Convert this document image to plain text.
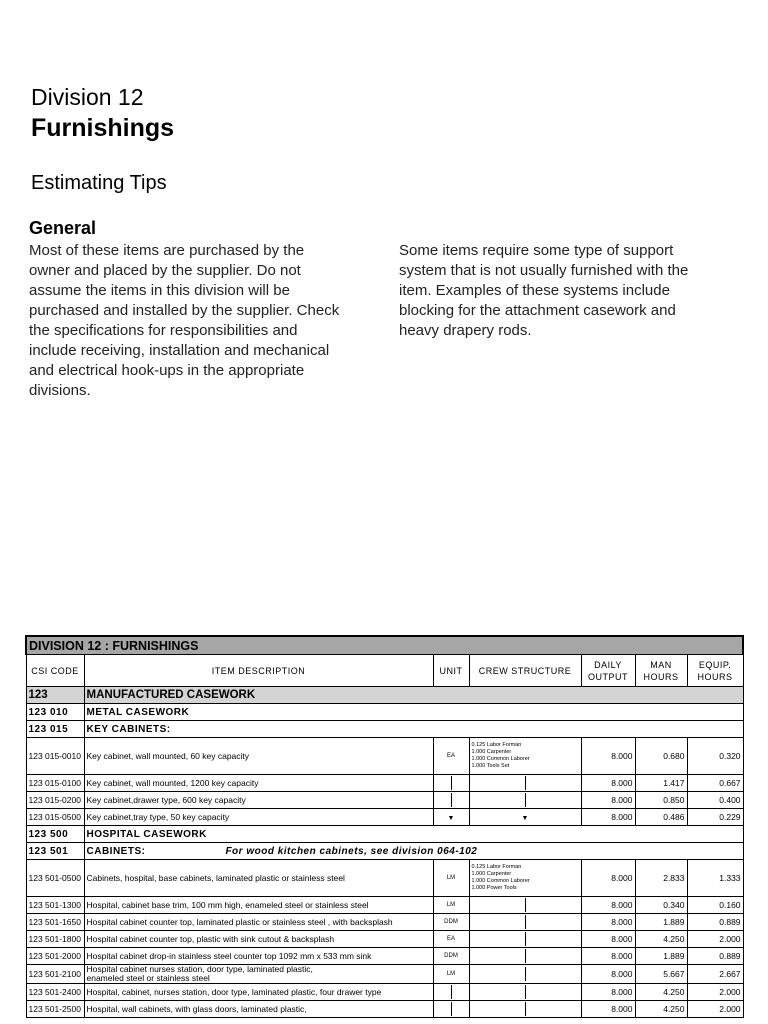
Division 12
Furnishings
Estimating Tips
General
Most of these items are purchased by the owner and placed by the supplier. Do not assume the items in this division will be purchased and installed by the supplier. Check the specifications for responsibilities and include receiving, installation and mechanical and electrical hook-ups in the appropriate divisions.
Some items require some type of support system that is not usually furnished with the item. Examples of these systems include blocking for the attachment casework and heavy drapery rods.
DIVISION 12 : FURNISHINGS						
CSI CODE	ITEM DESCRIPTION	UNIT	CREW STRUCTURE	DAILY OUTPUT	MAN HOURS	EQUIP. HOURS
123	MANUFACTURED CASEWORK					
123 010	METAL CASEWORK					
123 015	KEY CABINETS:					
123 015-0010	Key cabinet, wall mounted, 60 key capacity	EA	0.125 Labor Forman
1.000 Carpenter
1.000 Common Laborer
1.000 Tools Set	8.000	0.680	0.320
123 015-0100	Key cabinet, wall mounted, 1200 key capacity			8.000	1.417	0.667
123 015-0200	Key cabinet,drawer type, 600 key capacity			8.000	0.850	0.400
123 015-0500	Key cabinet,tray type, 50 key capacity	▼	▼	8.000	0.486	0.229
123 500	HOSPITAL CASEWORK					
123 501	CABINETS: For wood kitchen cabinets, see division 064-102					
123 501-0500	Cabinets, hospital, base cabinets, laminated plastic or stainless steel	LM	0.125 Labor Forman
1.000 Carpenter
1.000 Common Laborer
1.000 Power Tools	8.000	2.833	1.333
123 501-1300	Hospital, cabinet base trim, 100 mm high, enameled steel or stainless steel	LM		8.000	0.340	0.160
123 501-1650	Hospital cabinet counter top, laminated plastic or stainless steel , with backsplash	DDM		8.000	1.889	0.889
123 501-1800	Hospital cabinet counter top, plastic with sink cutout & backsplash	EA		8.000	4.250	2.000
123 501-2000	Hospital cabinet drop-in stainless steel counter top 1092 mm x 533 mm sink	DDM		8.000	1.889	0.889
123 501-2100	Hospital cabinet nurses station, door type, laminated plastic,
enameled steel or stainless steel	LM		8.000	5.667	2.667
123 501-2400	Hospital, cabinet, nurses station, door type, laminated plastic, four drawer type			8.000	4.250	2.000
123 501-2500	Hospital, wall cabinets, with glass doors, laminated plastic,			8.000	4.250	2.000
